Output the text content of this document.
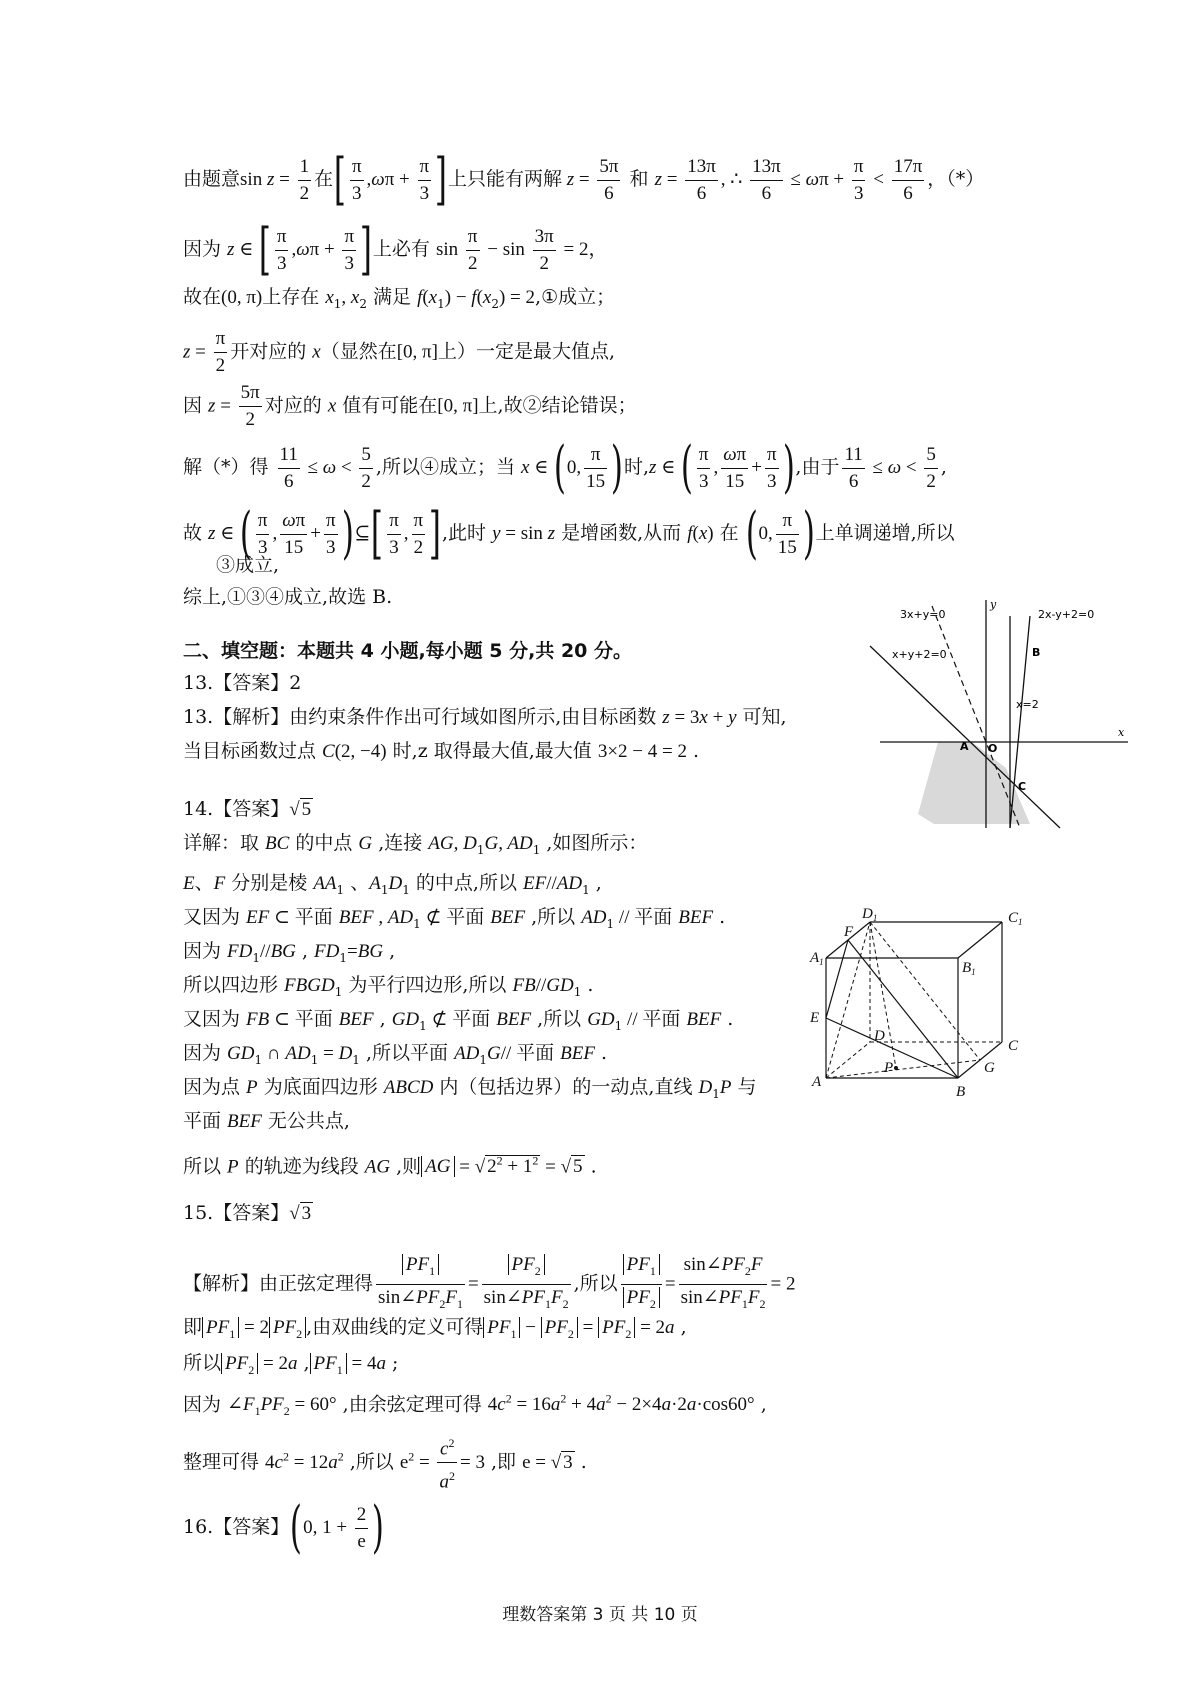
由题意$\sin z = \frac{1}{2}$ 在[ $\frac{\pi}{3} ,\omega\pi + \frac{\pi}{3}$ ]上只能有两解 $z = \frac{5\pi}{6}$ 和 $z = \frac{13\pi}{6}$ , ∴ $\frac{13\pi}{6} \le \omega\pi + \frac{\pi}{3} < \frac{17\pi}{6}$ ，（*）
因为 z ∈ [ $\frac{\pi}{3} ,\omega\pi + \frac{\pi}{3}$ ]上必有 $\sin \frac{\pi}{2} - \sin \frac{3\pi}{2} = 2$，
故在(0, π)上存在 $x_1$, $x_2$ 满足 $f(x_1) - f(x_2)$ = 2,①成立；
$z = \frac{\pi}{2}$ 开对应的 x（显然在[0, π]上）一定是最大值点,
因 $z = \frac{5\pi}{2}$ 对应的 x 值有可能在[0, π]上,故②结论错误；
解（*）得 $\frac{11}{6} \le \omega < \frac{5}{2}$ ,所以④成立；当 x ∈ (0, $\frac{\pi}{15}$ )时,z ∈ ( $\frac{\pi}{3}$ , $\frac{\omega\pi}{15} + \frac{\pi}{3}$ ),由于 $\frac{11}{6} \le \omega < \frac{5}{2}$ ,
故 z ∈ ( $\frac{\pi}{3}$ , $\frac{\omega\pi}{15} + \frac{\pi}{3}$ )⊆[ $\frac{\pi}{3}$ , $\frac{\pi}{2}$ ],此时 y = sin z 是增函数,从而 f(x) 在 (0, $\frac{\pi}{15}$ )上单调递增,所以
③成立,
综上,①③④成立,故选 B.
二、填空题：本题共 4 小题,每小题 5 分,共 20 分。
13.【答案】2
13.【解析】由约束条件作出可行域如图所示,由目标函数 z = 3x + y 可知,
当目标函数过点 C(2, −4) 时,z 取得最大值,最大值 3×2 − 4 = 2 .
14.【答案】√ 5
详解：取 BC 的中点 G ,连接 AG, $D_1G$, $AD_1$ ,如图所示：
E、F 分别是棱 $AA_1$ 、$A_1D_1$ 的中点,所以 $EF//AD_1$ ,
又因为 EF ⊂ 平面 BEF , $AD_1$ ⊄ 平面 BEF ,所以 $AD_1$ // 平面 BEF .
因为 $FD_1//BG$ , $FD_1=BG$ ,
所以四边形 $FBGD_1$ 为平行四边形,所以 $FB//GD_1$ .
又因为 FB ⊂ 平面 BEF , $GD_1$ ⊄ 平面 BEF ,所以 $GD_1$ // 平面 BEF .
因为 $GD_1$ ∩ $AD_1 = D_1$ ,所以平面 $AD_1G//$ 平面 BEF .
因为点 P 为底面四边形 ABCD 内（包括边界）的一动点,直线 $D_1P$ 与
平面 BEF 无公共点,
所以 P 的轨迹为线段 AG ,则 AG = √ $2^2 + 1^2$ = √ 5 .
15.【答案】√ 3
【解析】由正弦定理得 $\frac{PF_1}{\sin\angle PF_2F_1} = \frac{PF_2}{\sin\angle PF_1F_2}$ ,所以 $\frac{PF_1}{PF_2} = \frac{\sin\angle PF_2F}{\sin\angle PF_1F_2} = 2$
即 $PF_1 = 2$ $PF_2$ ,由双曲线的定义可得 $PF_1 - PF_2 = PF_2 = 2a$ ,
所以 $PF_2 = 2a$ , $PF_1 = 4a$ ;
因为 $\angle F_1PF_2 = 60^\circ$ ,由余弦定理可得 $4c^2 = 16a^2 + 4a^2 - 2\times 4a\cdot 2a\cdot\cos 60^\circ$ ,
整理可得 $4c^2 = 12a^2$ ,所以 $e^2 = \frac{c^2}{a^2} = 3$ ,即 e = √ 3 .
16.【答案】(0, $1 + \frac{2}{e}$ )
3x+y=0
x+y+2=0
2x-y+2=0
x=2
B
A O
C
x
y
$D_1$	$C_1$
$A_1$	$B_1$
F
E
D
C
A
B
G
P
理数答案第 3 页 共 10 页
